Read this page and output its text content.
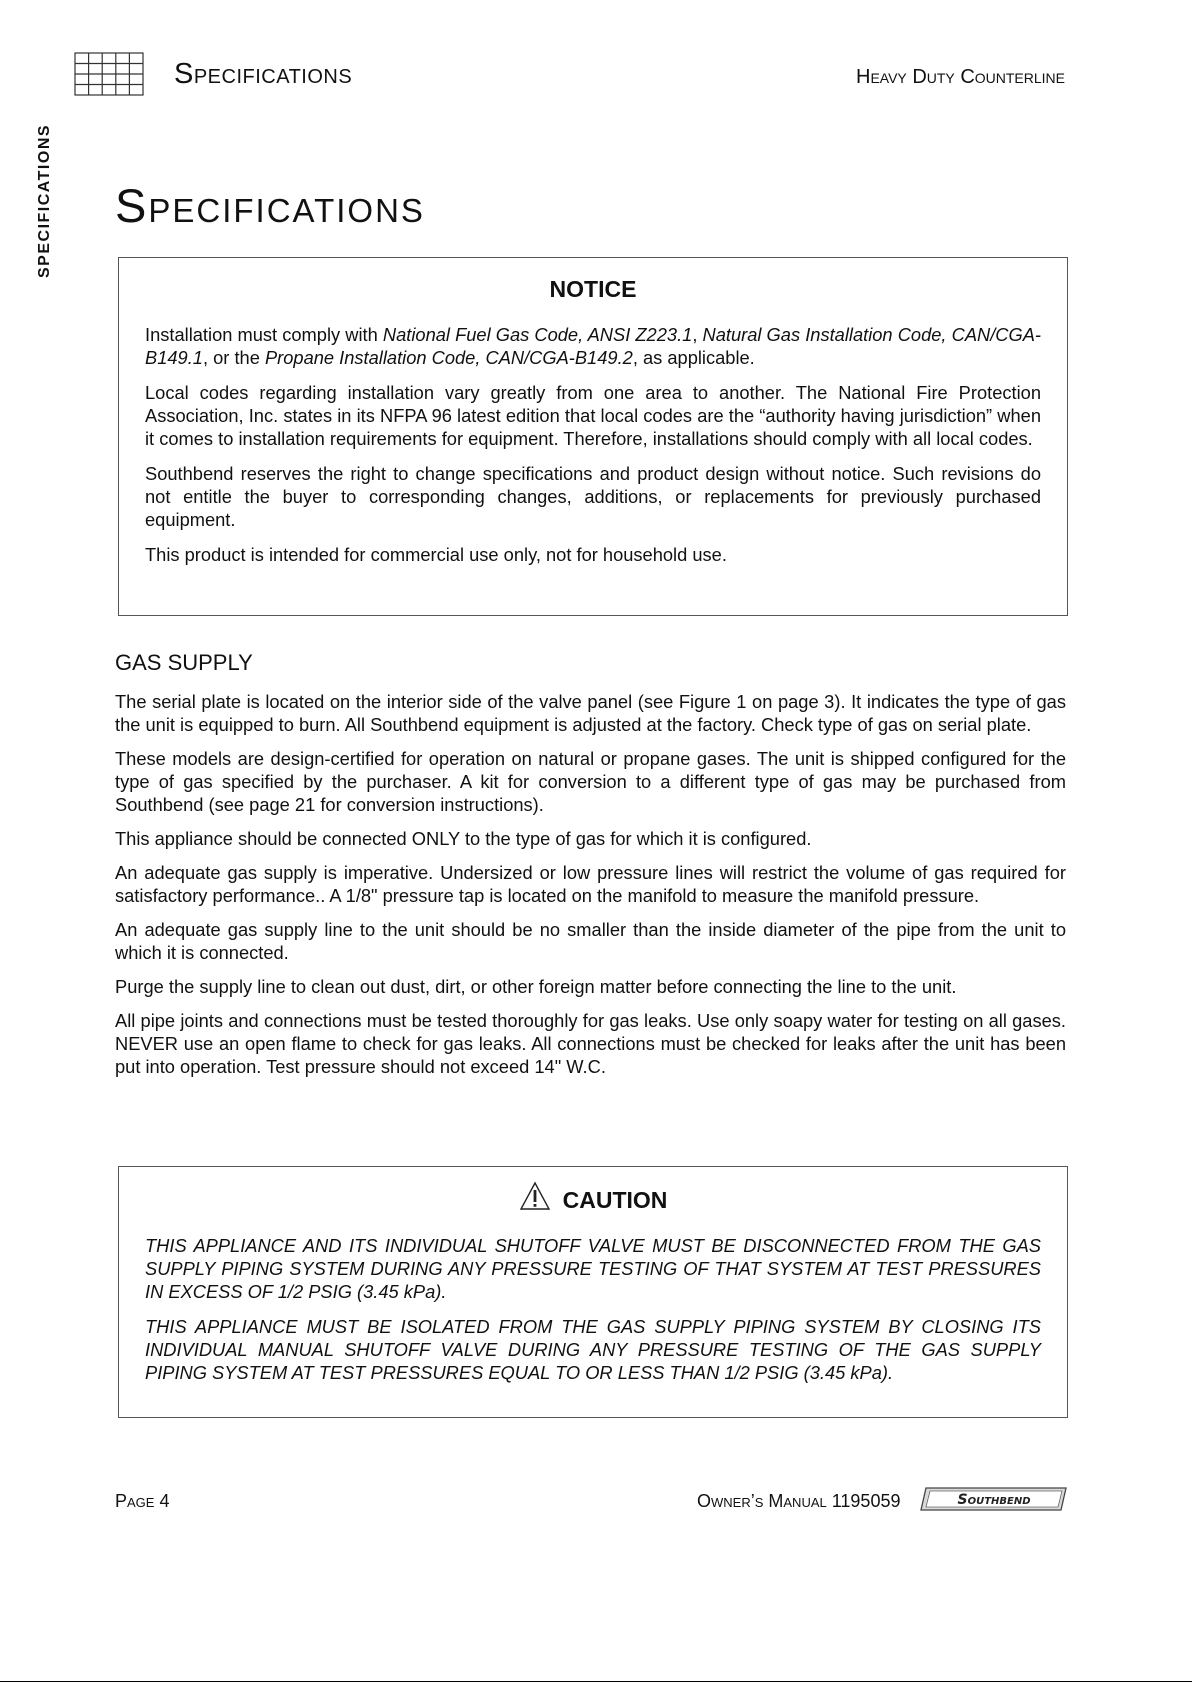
Specifications	Heavy Duty Counterline
SPECIFICATIONS Specifications
NOTICE

Installation must comply with National Fuel Gas Code, ANSI Z223.1, Natural Gas Installation Code, CAN/CGA-B149.1, or the Propane Installation Code, CAN/CGA-B149.2, as applicable.

Local codes regarding installation vary greatly from one area to another. The National Fire Protection Association, Inc. states in its NFPA 96 latest edition that local codes are the “authority having jurisdiction” when it comes to installation requirements for equipment. Therefore, installations should comply with all local codes.

Southbend reserves the right to change specifications and product design without notice. Such revisions do not entitle the buyer to corresponding changes, additions, or replacements for previously purchased equipment.

This product is intended for commercial use only, not for household use.

GAS SUPPLY

The serial plate is located on the interior side of the valve panel (see Figure 1 on page 3). It indicates the type of gas the unit is equipped to burn. All Southbend equipment is adjusted at the factory. Check type of gas on serial plate.

These models are design-certified for operation on natural or propane gases. The unit is shipped configured for the type of gas specified by the purchaser. A kit for conversion to a different type of gas may be purchased from Southbend (see page 21 for conversion instructions).

This appliance should be connected ONLY to the type of gas for which it is configured.

An adequate gas supply is imperative. Undersized or low pressure lines will restrict the volume of gas required for satisfactory performance.. A 1/8" pressure tap is located on the manifold to measure the manifold pressure.

An adequate gas supply line to the unit should be no smaller than the inside diameter of the pipe from the unit to which it is connected.

Purge the supply line to clean out dust, dirt, or other foreign matter before connecting the line to the unit.

All pipe joints and connections must be tested thoroughly for gas leaks. Use only soapy water for testing on all gases. NEVER use an open flame to check for gas leaks. All connections must be checked for leaks after the unit has been put into operation. Test pressure should not exceed 14" W.C.

CAUTION

THIS APPLIANCE AND ITS INDIVIDUAL SHUTOFF VALVE MUST BE DISCONNECTED FROM THE GAS SUPPLY PIPING SYSTEM DURING ANY PRESSURE TESTING OF THAT SYSTEM AT TEST PRESSURES IN EXCESS OF 1/2 PSIG (3.45 kPa).

THIS APPLIANCE MUST BE ISOLATED FROM THE GAS SUPPLY PIPING SYSTEM BY CLOSING ITS INDIVIDUAL MANUAL SHUTOFF VALVE DURING ANY PRESSURE TESTING OF THE GAS SUPPLY PIPING SYSTEM AT TEST PRESSURES EQUAL TO OR LESS THAN 1/2 PSIG (3.45 kPa).

Page 4	Owner’s Manual 1195059	Southbend
